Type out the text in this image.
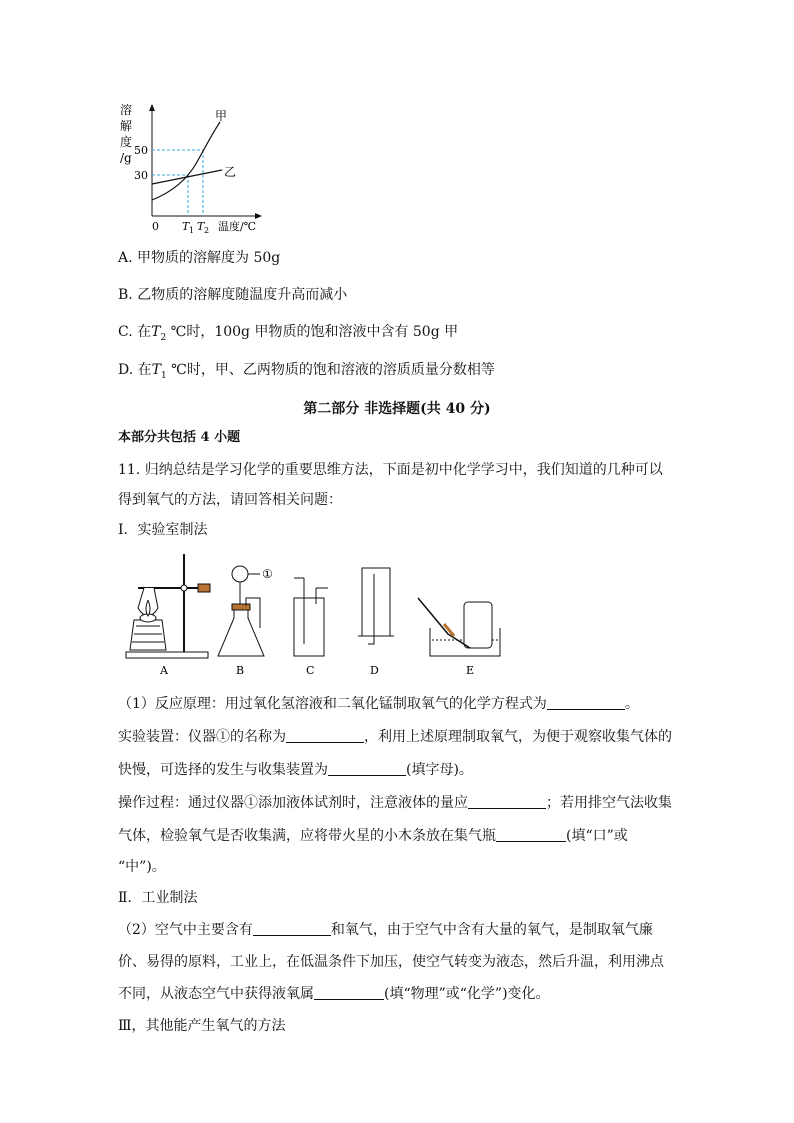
溶
解
度
/g
50
30
0 T 1 T 2 温度/℃
甲
乙
A. 甲物质的溶解度为 50g
B. 乙物质的溶解度随温度升高而减小
C. 在$T_2$ ℃时，100g 甲物质的饱和溶液中含有 50g 甲
D. 在$T_1$ ℃时，甲、乙两物质的饱和溶液的溶质质量分数相等
第二部分 非选择题(共 40 分)
本部分共包括 4 小题
11. 归纳总结是学习化学的重要思维方法，下面是初中化学学习中，我们知道的几种可以
得到氧气的方法，请回答相关问题：
Ⅰ．实验室制法
A
①
B	C	D	E
（1）反应原理：用过氧化氢溶液和二氧化锰制取氧气的化学方程式为	。
实验装置：仪器①的名称为	，利用上述原理制取氧气，为便于观察收集气体的
快慢，可选择的发生与收集装置为	(填字母)。
操作过程：通过仪器①添加液体试剂时，注意液体的量应	；若用排空气法收集
气体，检验氧气是否收集满，应将带火星的小木条放在集气瓶	(填“口”或
“中”)。
Ⅱ．工业制法
（2）空气中主要含有	和氧气，由于空气中含有大量的氧气，是制取氧气廉
价、易得的原料，工业上，在低温条件下加压，使空气转变为液态，然后升温，利用沸点
不同，从液态空气中获得液氧属	(填“物理”或“化学”)变化。
Ⅲ，其他能产生氧气的方法
